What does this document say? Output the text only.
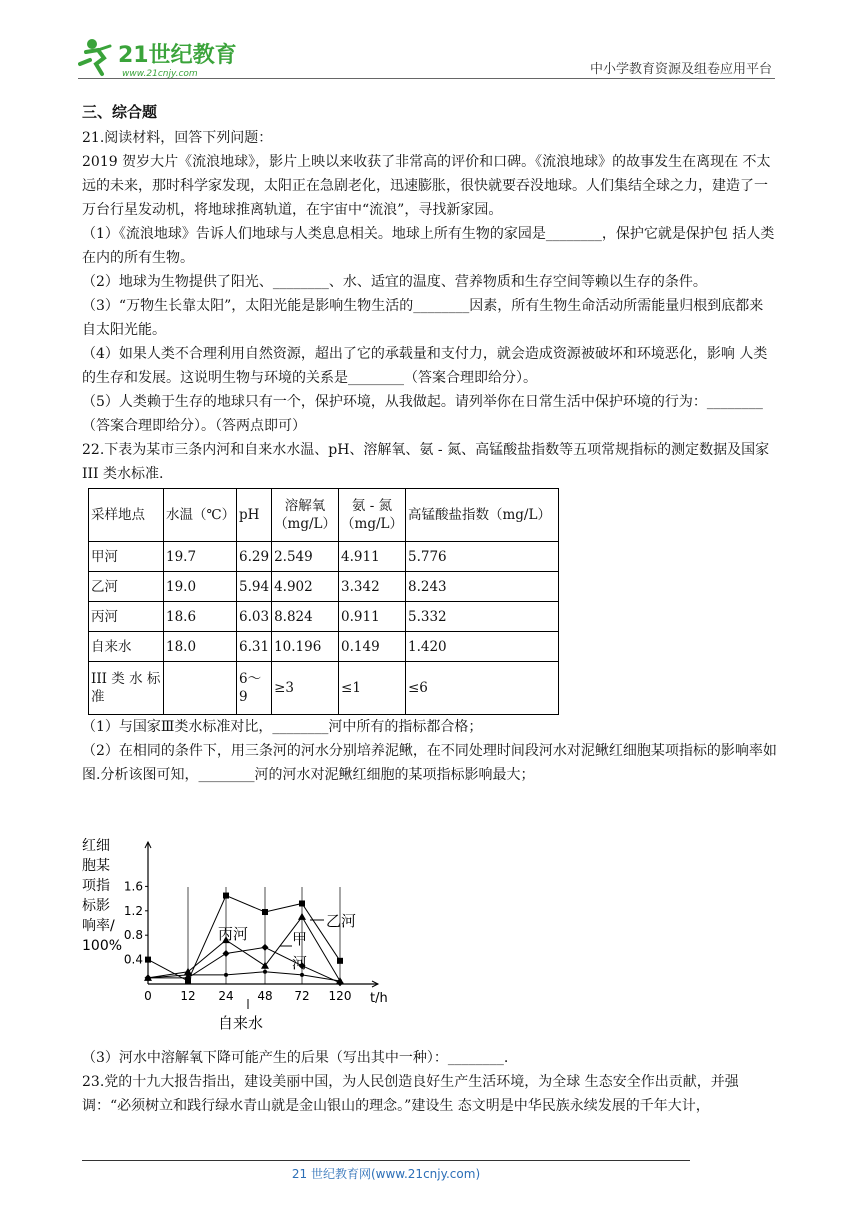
21世纪教育
www.21cnjy.com	中小学教育资源及组卷应用平台
三、综合题

21.阅读材料，回答下列问题：

2019 贺岁大片《流浪地球》，影片上映以来收获了非常高的评价和口碑。《流浪地球》的故事发生在离现在 不太远的未来，那时科学家发现，太阳正在急剧老化，迅速膨胀，很快就要吞没地球。人们集结全球之力，建造了一万台行星发动机，将地球推离轨道，在宇宙中“流浪”，寻找新家园。

（1）《流浪地球》告诉人们地球与人类息息相关。地球上所有生物的家园是________，保护它就是保护包 括人类在内的所有生物。

（2）地球为生物提供了阳光、________、水、适宜的温度、营养物质和生存空间等赖以生存的条件。

（3）“万物生长靠太阳”，太阳光能是影响生物生活的________因素，所有生物生命活动所需能量归根到底都来自太阳光能。

（4）如果人类不合理利用自然资源，超出了它的承载量和支付力，就会造成资源被破坏和环境恶化，影响 人类的生存和发展。这说明生物与环境的关系是________（答案合理即给分）。

（5）人类赖于生存的地球只有一个，保护环境，从我做起。请列举你在日常生活中保护环境的行为：________（答案合理即给分）。（答两点即可）

22.下表为某市三条内河和自来水水温、pH、溶解氧、氨 - 氮、高锰酸盐指数等五项常规指标的测定数据及国家 III 类水标准.

采样地点	水温（℃）	pH	溶解氧（mg/L）	氨 - 氮（mg/L）	高锰酸盐指数（mg/L）
甲河	19.7	6.29	2.549	4.911	5.776
乙河	19.0	5.94	4.902	3.342	8.243
丙河	18.6	6.03	8.824	0.911	5.332
自来水	18.0	6.31	10.196	0.149	1.420
III 类 水 标 准		6～9	≥3	≤1	≤6

（1）与国家Ⅲ类水标准对比，________河中所有的指标都合格；

（2）在相同的条件下，用三条河的河水分别培养泥鳅，在不同处理时间段河水对泥鳅红细胞某项指标的影响率如图.分析该图可知，________河的河水对泥鳅红细胞的某项指标影响最大；

红细
胞某
项指
标影
响率/
100%
0.4
0.8
1.2
1.6
0 12 24 48 72 120 t/h
乙河
丙河	甲
河
自来水

（3）河水中溶解氧下降可能产生的后果（写出其中一种）：________.

23.党的十九大报告指出，建设美丽中国，为人民创造良好生产生活环境，为全球 生态安全作出贡献，并强调：“必须树立和践行绿水青山就是金山银山的理念。”建设生 态文明是中华民族永续发展的千年大计，

21 世纪教育网(www.21cnjy.com)
